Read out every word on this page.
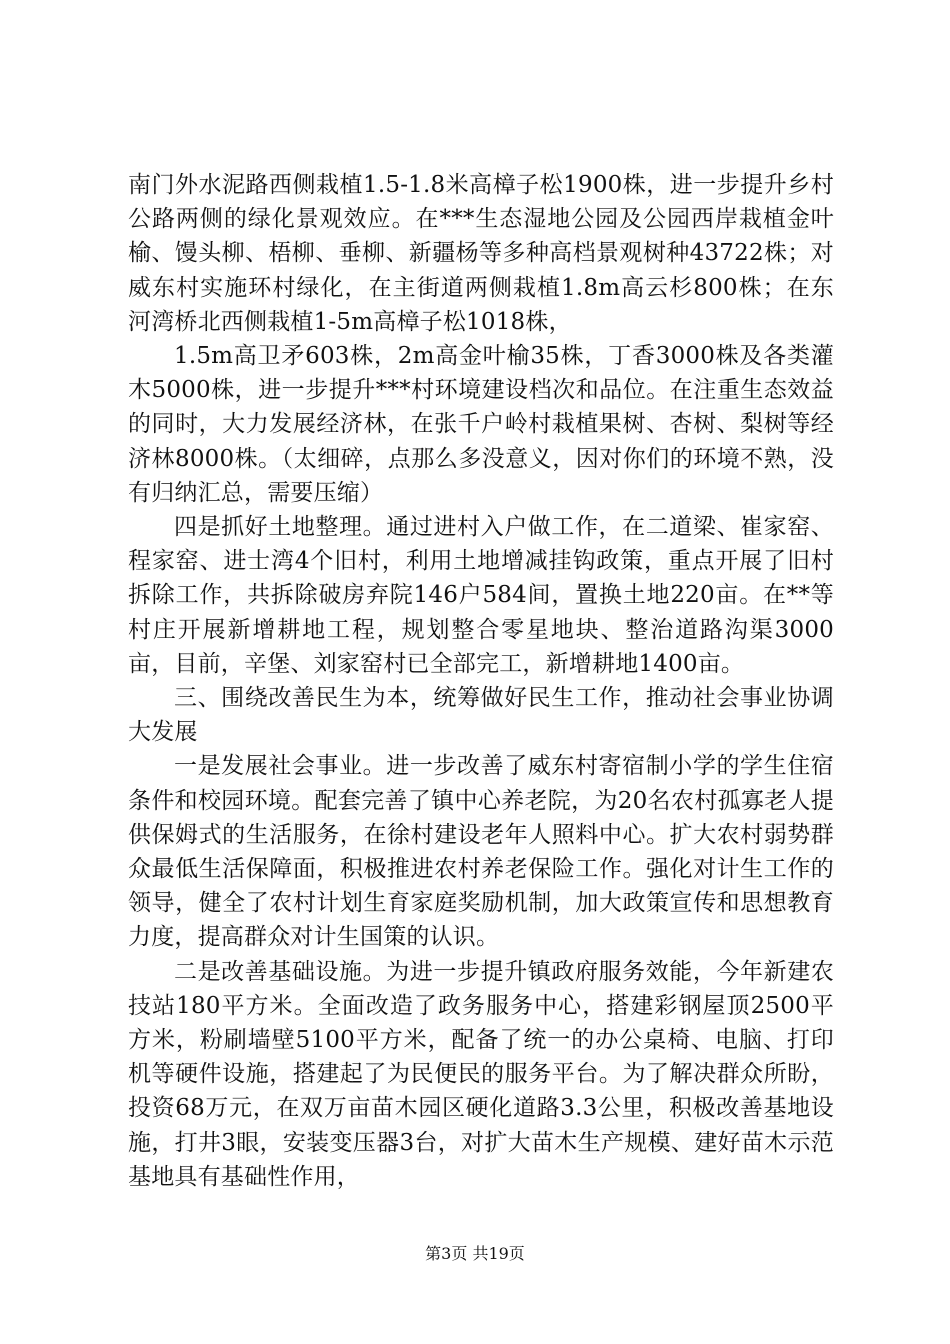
南门外水泥路西侧栽植1.5-1.8米高樟子松1900株，进一步提升乡村公路两侧的绿化景观效应。在***生态湿地公园及公园西岸栽植金叶榆、馒头柳、梧柳、垂柳、新疆杨等多种高档景观树种43722株；对威东村实施环村绿化，在主街道两侧栽植1.8m高云杉800株；在东河湾桥北西侧栽植1-5m高樟子松1018株，

1.5m高卫矛603株，2m高金叶榆35株，丁香3000株及各类灌木5000株，进一步提升***村环境建设档次和品位。在注重生态效益的同时，大力发展经济林，在张千户岭村栽植果树、杏树、梨树等经济林8000株。（太细碎，点那么多没意义，因对你们的环境不熟，没有归纳汇总，需要压缩）

四是抓好土地整理。通过进村入户做工作，在二道梁、崔家窑、程家窑、进士湾4个旧村，利用土地增减挂钩政策，重点开展了旧村拆除工作，共拆除破房弃院146户584间，置换土地220亩。在**等村庄开展新增耕地工程，规划整合零星地块、整治道路沟渠3000亩，目前，辛堡、刘家窑村已全部完工，新增耕地1400亩。

三、围绕改善民生为本，统筹做好民生工作，推动社会事业协调大发展

一是发展社会事业。进一步改善了威东村寄宿制小学的学生住宿条件和校园环境。配套完善了镇中心养老院，为20名农村孤寡老人提供保姆式的生活服务，在徐村建设老年人照料中心。扩大农村弱势群众最低生活保障面，积极推进农村养老保险工作。强化对计生工作的领导，健全了农村计划生育家庭奖励机制，加大政策宣传和思想教育力度，提高群众对计生国策的认识。

二是改善基础设施。为进一步提升镇政府服务效能，今年新建农技站180平方米。全面改造了政务服务中心，搭建彩钢屋顶2500平方米，粉刷墙壁5100平方米，配备了统一的办公桌椅、电脑、打印机等硬件设施，搭建起了为民便民的服务平台。为了解决群众所盼，投资68万元，在双万亩苗木园区硬化道路3.3公里，积极改善基地设施，打井3眼，安装变压器3台，对扩大苗木生产规模、建好苗木示范基地具有基础性作用，

第3页 共19页
